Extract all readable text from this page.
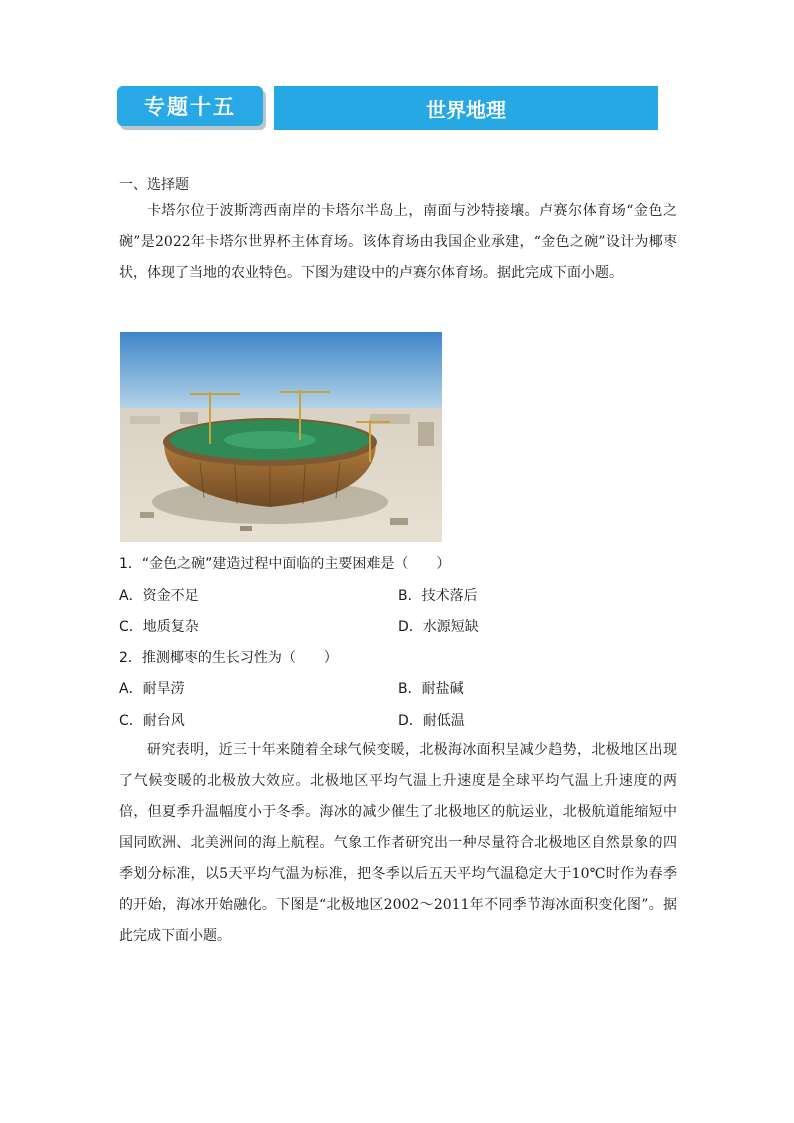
专题十五	世界地理
一、选择题

卡塔尔位于波斯湾西南岸的卡塔尔半岛上，南面与沙特接壤。卢赛尔体育场“金色之碗”是2022年卡塔尔世界杯主体育场。该体育场由我国企业承建，“金色之碗”设计为椰枣状，体现了当地的农业特色。下图为建设中的卢赛尔体育场。据此完成下面小题。

1．“金色之碗”建造过程中面临的主要困难是（　　）
A．资金不足	B．技术落后
C．地质复杂	D．水源短缺
2．推测椰枣的生长习性为（　　）
A．耐旱涝	B．耐盐碱
C．耐台风	D．耐低温

研究表明，近三十年来随着全球气候变暖，北极海冰面积呈减少趋势，北极地区出现了气候变暖的北极放大效应。北极地区平均气温上升速度是全球平均气温上升速度的两倍，但夏季升温幅度小于冬季。海冰的减少催生了北极地区的航运业，北极航道能缩短中国同欧洲、北美洲间的海上航程。气象工作者研究出一种尽量符合北极地区自然景象的四季划分标准，以5天平均气温为标准，把冬季以后五天平均气温稳定大于10℃时作为春季的开始，海冰开始融化。下图是“北极地区2002～2011年不同季节海冰面积变化图”。据此完成下面小题。
